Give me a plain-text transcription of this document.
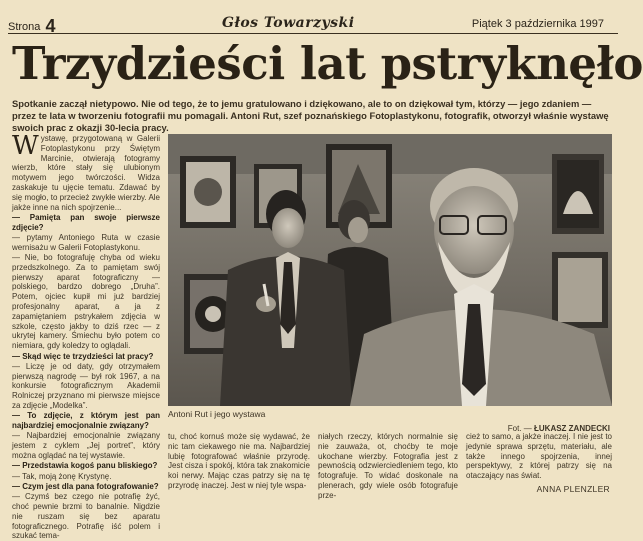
Strona 4	Głos Towarzyski	Piątek 3 października 1997
Trzydzieści lat pstryknęło

Spotkanie zaczął nietypowo. Nie od tego, że to jemu gratulowano i dziękowano, ale to on dziękował tym, którzy — jego zdaniem — przez te lata w tworzeniu fotografii mu pomagali. Antoni Rut, szef poznańskiego Fotoplastykonu, fotografik, otworzył właśnie wystawę swoich prac z okazji 30-lecia pracy.

Wystawę, przygotowaną w Galerii Fotoplastykonu przy Świętym Marcinie, otwierają fotogramy wierzb, które stały się ulubionym motywem jego twórczości. Widza zaskakuje tu ujęcie tematu. Zdawać by się mogło, to przecież zwykłe wierzby. Ale jakże inne na nich spojrzenie...

— Pamięta pan swoje pierwsze zdjęcie?

— pytamy Antoniego Ruta w czasie wernisażu w Galerii Fotoplastykonu.

— Nie, bo fotografuję chyba od wieku przedszkolnego. Za to pamiętam swój pierwszy aparat fotograficzny — polskiego, bardzo dobrego „Druha”. Potem, ojciec kupił mi już bardziej profesjonalny aparat, a ja z zapamiętaniem pstrykałem zdjęcia w szkole, często jakby to dziś rzec — z ukrytej kamery. Śmiechu było potem co niemiara, gdy koledzy to oglądali.

— Skąd więc te trzydzieści lat pracy?

— Liczę je od daty, gdy otrzymałem pierwszą nagrodę — był rok 1967, a na konkursie fotograficznym Akademii Rolniczej przyznano mi pierwsze miejsce za zdjęcie „Modelka”.

— To zdjęcie, z którym jest pan najbardziej emocjonalnie związany?

— Najbardziej emocjonalnie związany jestem z cyklem „Jej portret”, który można oglądać na tej wystawie.

— Przedstawia kogoś panu bliskiego?

— Tak, moją żonę Krystynę.

— Czym jest dla pana fotografowanie?

— Czymś bez czego nie potrafię żyć, choć pewnie brzmi to banalnie. Nigdzie nie ruszam się bez aparatu fotograficznego. Potrafię iść polem i szukać tema-

Antoni Rut i jego wystawa
Fot. — ŁUKASZ ZANDECKI
tu, choć kornuś może się wydawać, że nic tam ciekawego nie ma. Najbardziej lubię fotografować właśnie przyrodę. Jest cisza i spokój, która tak znakomicie koi nerwy. Mając czas patrzy się na tę przyrodę inaczej. Jest w niej tyle wspa-
niałych rzeczy, których normalnie się nie zauważa, ot, choćby te moje ukochane wierzby. Fotografia jest z pewnością odzwierciedleniem tego, kto fotografuje. To widać doskonale na plenerach, gdy wiele osób fotografuje prze-
cież to samo, a jakże inaczej. I nie jest to jedynie sprawa sprzętu, materiału, ale także innego spojrzenia, innej perspektywy, z której patrzy się na otaczający nas świat.
ANNA PLENZLER
